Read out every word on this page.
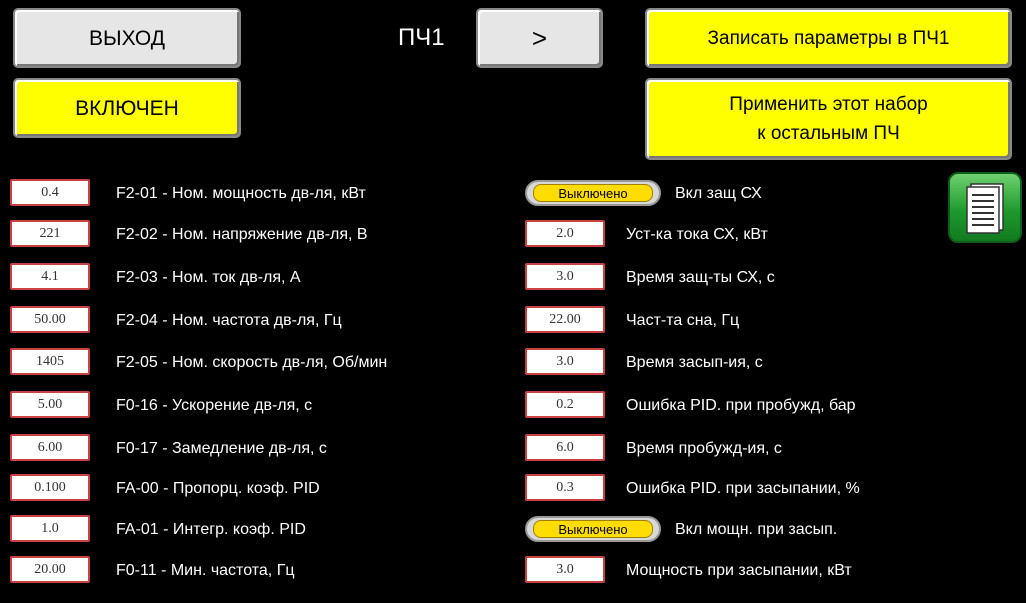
ВЫХОД	ПЧ1	>	Записать параметры в ПЧ1
ВКЛЮЧЕН	Применить этот набор
к остальным ПЧ
0.4	F2-01 - Ном. мощность дв-ля, кВт
221	F2-02 - Ном. напряжение дв-ля, В
4.1	F2-03 - Ном. ток дв-ля, А
50.00	F2-04 - Ном. частота дв-ля, Гц
1405	F2-05 - Ном. скорость дв-ля, Об/мин
5.00	F0-16 - Ускорение дв-ля, с
6.00	F0-17 - Замедление дв-ля, с
0.100	FA-00 - Пропорц. коэф. PID
1.0	FA-01 - Интегр. коэф. PID
20.00	F0-11 - Мин. частота, Гц
Выключено	Вкл защ СХ
2.0	Уст-ка тока СХ, кВт
3.0	Время защ-ты СХ, с
22.00	Част-та сна, Гц
3.0	Время засып-ия, с
0.2	Ошибка PID. при пробужд, бар
6.0	Время пробужд-ия, с
0.3	Ошибка PID. при засыпании, %
Выключено	Вкл мощн. при засып.
3.0	Мощность при засыпании, кВт
